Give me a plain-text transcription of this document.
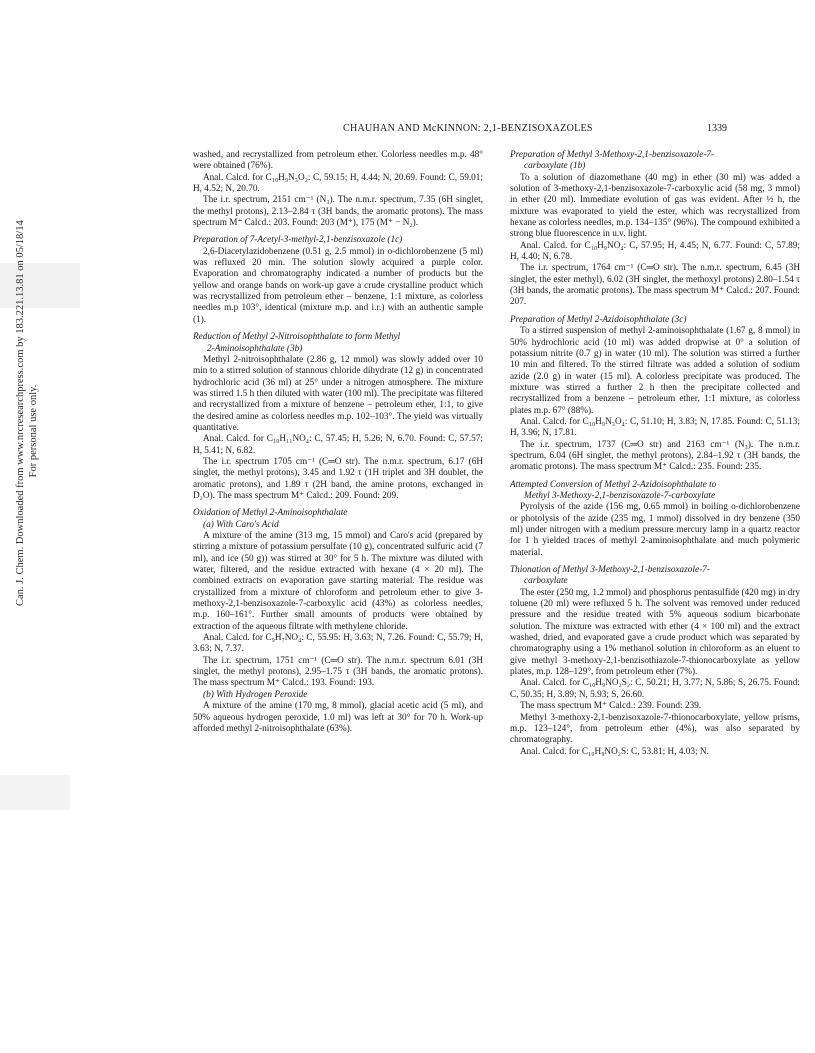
Can. J. Chem. Downloaded from www.nrcresearchpress.com by 183.221.13.81 on 05/18/14 For personal use only.
CHAUHAN AND McKINNON: 2,1-BENZISOXAZOLES	1339

washed, and recrystallized from petroleum ether. Colorless needles m.p. 48° were obtained (76%).

Anal. Calcd. for C₁₀H₉N₃O₂: C, 59.15; H, 4.44; N, 20.69. Found: C, 59.01; H, 4.52; N, 20.70.

The i.r. spectrum, 2151 cm⁻¹ (N₃). The n.m.r. spectrum, 7.35 (6H singlet, the methyl protons), 2.13–2.84 τ (3H bands, the aromatic protons). The mass spectrum M⁺ Calcd.: 203. Found: 203 (M⁺), 175 (M⁺ − N₂).

Preparation of 7-Acetyl-3-methyl-2,1-benzisoxazole (1c)

2,6-Diacetylazidobenzene (0.51 g, 2.5 mmol) in o-dichlorobenzene (5 ml) was refluxed 20 min. The solution slowly acquired a purple color. Evaporation and chromatography indicated a number of products but the yellow and orange bands on work-up gave a crude crystalline product which was recrystallized from petroleum ether – benzene, 1:1 mixture, as colorless needles m.p 103°, identical (mixture m.p. and i.r.) with an authentic sample (1).

Reduction of Methyl 2-Nitroisophthalate to form Methyl
2-Aminoisophthalate (3b)

Methyl 2-nitroisophthalate (2.86 g, 12 mmol) was slowly added over 10 min to a stirred solution of stannous chloride dihydrate (12 g) in concentrated hydrochloric acid (36 ml) at 25° under a nitrogen atmosphere. The mixture was stirred 1.5 h then diluted with water (100 ml). The precipitate was filtered and recrystallized from a mixture of benzene – petroleum ether, 1:1, to give the desired amine as colorless needles m.p. 102–103°. The yield was virtually quantitative.

Anal. Calcd. for C₁₀H₁₁NO₄: C, 57.45; H, 5.26; N, 6.70. Found: C, 57.57; H, 5.41; N, 6.82.

The i.r. spectrum 1705 cm⁻¹ (C═O str). The n.m.r. spectrum, 6.17 (6H singlet, the methyl protons), 3.45 and 1.92 τ (1H triplet and 3H doublet, the aromatic protons), and 1.89 τ (2H band, the amine protons, exchanged in D₂O). The mass spectrum M⁺ Calcd.: 209. Found: 209.

Oxidation of Methyl 2-Aminoisophthalate

(a) With Caro's Acid

A mixture of the amine (313 mg, 15 mmol) and Caro's acid (prepared by stirring a mixture of potassium persulfate (10 g), concentrated sulfuric acid (7 ml), and ice (50 g)) was stirred at 30° for 5 h. The mixture was diluted with water, filtered, and the residue extracted with hexane (4 × 20 ml). The combined extracts on evaporation gave starting material. The residue was crystallized from a mixture of chloroform and petroleum ether to give 3-methoxy-2,1-benzisoxazole-7-carboxylic acid (43%) as colorless needles, m.p. 160–161°. Further small amounts of products were obtained by extraction of the aqueous filtrate with methylene chloride.

Anal. Calcd. for C₉H₇NO₄: C, 55.95: H, 3.63; N, 7.26. Found: C, 55.79; H, 3.63; N, 7.37.

The i.r. spectrum, 1751 cm⁻¹ (C═O str). The n.m.r. spectrum 6.01 (3H singlet, the methyl protons), 2.95–1.75 τ (3H bands, the aromatic protons). The mass spectrum M⁺ Calcd.: 193. Found: 193.

(b) With Hydrogen Peroxide

A mixture of the amine (170 mg, 8 mmol), glacial acetic acid (5 ml), and 50% aqueous hydrogen peroxide, 1.0 ml) was left at 30° for 70 h. Work-up afforded methyl 2-nitroisophthalate (63%).

Preparation of Methyl 3-Methoxy-2,1-benzisoxazole-7-
carboxylate (1b)

To a solution of diazomethane (40 mg) in ether (30 ml) was added a solution of 3-methoxy-2,1-benzisoxazole-7-carboxylic acid (58 mg, 3 mmol) in ether (20 ml). Immediate evolution of gas was evident. After ½ h, the mixture was evaporated to yield the ester, which was recrystallized from hexane as colorless needles, m.p. 134–135° (96%). The compound exhibited a strong blue fluorescence in u.v. light.

Anal. Calcd. for C₁₀H₉NO₄: C, 57.95; H, 4.45; N, 6.77. Found: C, 57.89; H, 4.40; N, 6.78.

The i.r. spectrum, 1764 cm⁻¹ (C═O str). The n.m.r. spectrum, 6.45 (3H singlet, the ester methyl), 6.02 (3H singlet, the methoxyl protons) 2.80–1.54 τ (3H bands, the aromatic protons). The mass spectrum M⁺ Calcd.: 207. Found: 207.

Preparation of Methyl 2-Azidoisophthalate (3c)

To a stirred suspension of methyl 2-aminoisophthalate (1.67 g, 8 mmol) in 50% hydrochloric acid (10 ml) was added dropwise at 0° a solution of potassium nitrite (0.7 g) in water (10 ml). The solution was stirred a further 10 min and filtered. To the stirred filtrate was added a solution of sodium azide (2.0 g) in water (15 ml). A colorless precipitate was produced. The mixture was stirred a further 2 h then the precipitate collected and recrystallized from a benzene – petroleum ether, 1:1 mixture, as colorless plates m.p. 67° (88%).

Anal. Calcd. for C₁₀H₉N₃O₄: C, 51.10; H, 3.83; N, 17.85. Found: C, 51.13; H, 3.96; N, 17.81.

The i.r. spectrum, 1737 (C═O str) and 2163 cm⁻¹ (N₃). The n.m.r. spectrum, 6.04 (6H singlet, the methyl protons), 2.84–1.92 τ (3H bands, the aromatic protons). The mass spectrum M⁺ Calcd.: 235. Found: 235.

Attempted Conversion of Methyl 2-Azidoisophthalate to
Methyl 3-Methoxy-2,1-benzisoxazole-7-carboxylate

Pyrolysis of the azide (156 mg, 0.65 mmol) in boiling o-dichlorobenzene or photolysis of the azide (235 mg, 1 mmol) dissolved in dry benzene (350 ml) under nitrogen with a medium pressure mercury lamp in a quartz reactor for 1 h yielded traces of methyl 2-aminoisophthalate and much polymeric material.

Thionation of Methyl 3-Methoxy-2,1-benzisoxazole-7-
carboxylate

The ester (250 mg, 1.2 mmol) and phosphorus pentasulfide (420 mg) in dry toluene (20 ml) were refluxed 5 h. The solvent was removed under reduced pressure and the residue treated with 5% aqueous sodium bicarbonate solution. The mixture was extracted with ether (4 × 100 ml) and the extract washed, dried, and evaporated gave a crude product which was separated by chromatography using a 1% methanol solution in chloroform as an eluent to give methyl 3-methoxy-2,1-benzisothiazole-7-thionocarboxylate as yellow plates, m.p. 128–129°, from petroleum ether (7%).

Anal. Calcd. for C₁₀H₉NO₂S₂: C, 50.21; H, 3.77; N, 5.86; S, 26.75. Found: C, 50.35; H, 3.89; N, 5.93; S, 26.60.

The mass spectrum M⁺ Calcd.: 239. Found: 239.

Methyl 3-methoxy-2,1-benzisoxazole-7-thionocarboxylate, yellow prisms, m.p. 123–124°, from petroleum ether (4%), was also separated by chromatography.

Anal. Calcd. for C₁₀H₉NO₂S: C, 53.81; H, 4.03; N.
